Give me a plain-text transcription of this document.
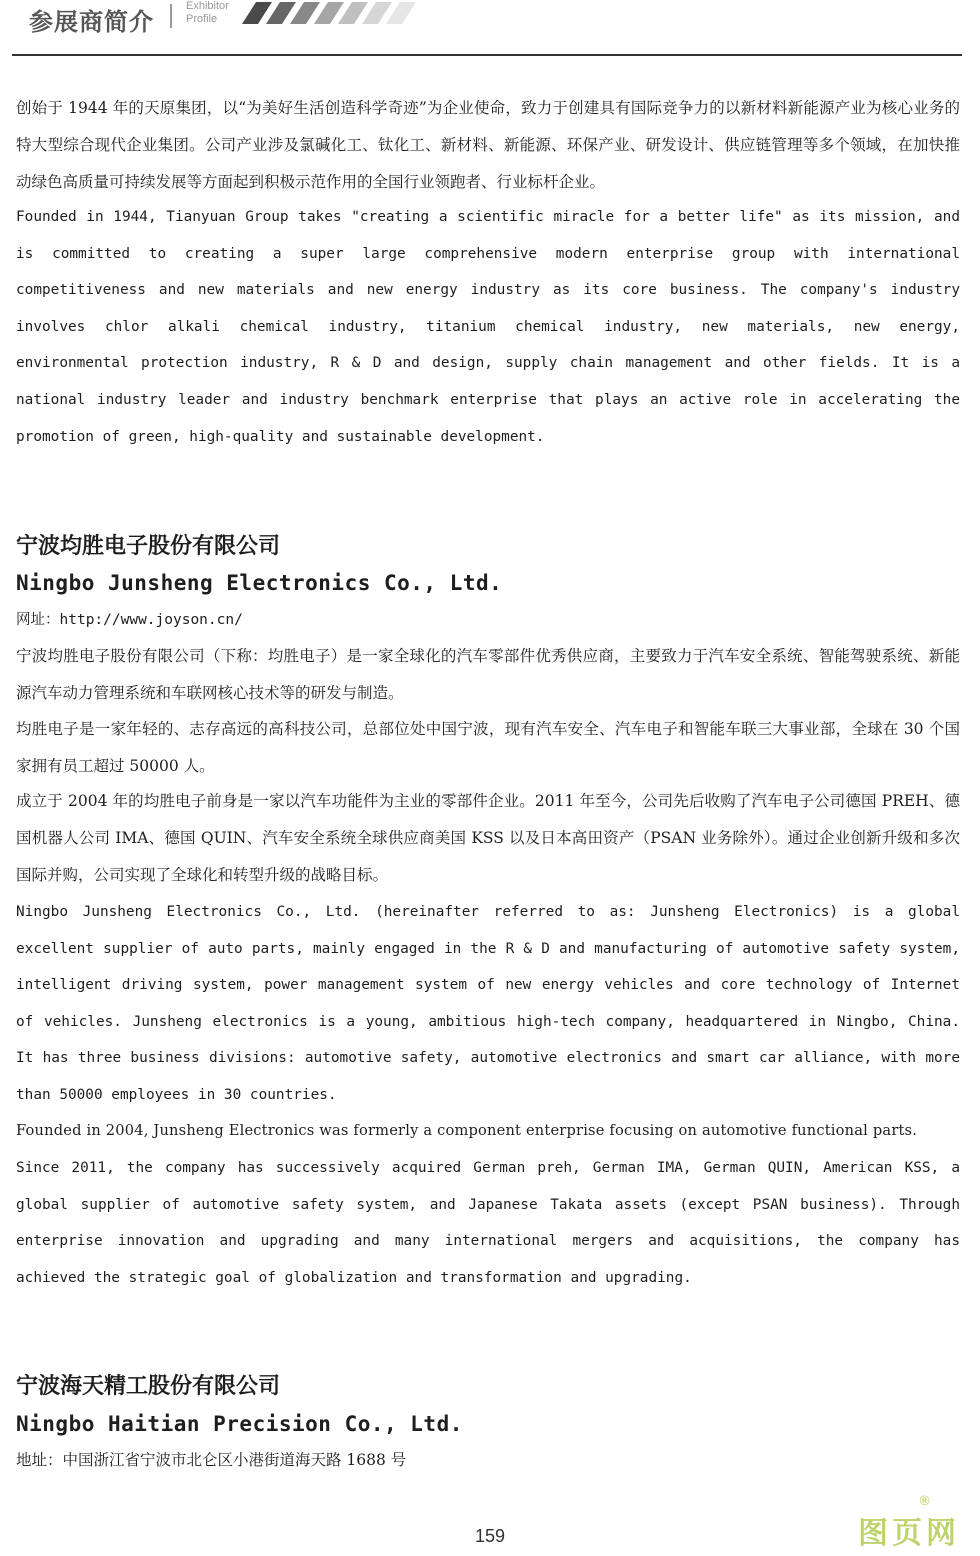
参展商简介
Exhibitor
Profile

创始于 1944 年的天原集团，以“为美好生活创造科学奇迹”为企业使命，致力于创建具有国际竞争力的以新材料新能源产业为核心业务的特大型综合现代企业集团。公司产业涉及氯碱化工、钛化工、新材料、新能源、环保产业、研发设计、供应链管理等多个领域，在加快推动绿色高质量可持续发展等方面起到积极示范作用的全国行业领跑者、行业标杆企业。

Founded in 1944, Tianyuan Group takes "creating a scientific miracle for a better life" as its mission, and is committed to creating a super large comprehensive modern enterprise group with international competitiveness and new materials and new energy industry as its core business. The company's industry involves chlor alkali chemical industry, titanium chemical industry, new materials, new energy, environmental protection industry, R & D and design, supply chain management and other fields. It is a national industry leader and industry benchmark enterprise that plays an active role in accelerating the promotion of green, high-quality and sustainable development.

宁波均胜电子股份有限公司
Ningbo Junsheng Electronics Co., Ltd.

网址：http://www.joyson.cn/

宁波均胜电子股份有限公司（下称：均胜电子）是一家全球化的汽车零部件优秀供应商，主要致力于汽车安全系统、智能驾驶系统、新能源汽车动力管理系统和车联网核心技术等的研发与制造。

均胜电子是一家年轻的、志存高远的高科技公司，总部位处中国宁波，现有汽车安全、汽车电子和智能车联三大事业部，全球在 30 个国家拥有员工超过 50000 人。

成立于 2004 年的均胜电子前身是一家以汽车功能件为主业的零部件企业。2011 年至今，公司先后收购了汽车电子公司德国 PREH、德国机器人公司 IMA、德国 QUIN、汽车安全系统全球供应商美国 KSS 以及日本高田资产（PSAN 业务除外）。通过企业创新升级和多次国际并购，公司实现了全球化和转型升级的战略目标。

Ningbo Junsheng Electronics Co., Ltd. (hereinafter referred to as: Junsheng Electronics) is a global excellent supplier of auto parts, mainly engaged in the R & D and manufacturing of automotive safety system, intelligent driving system, power management system of new energy vehicles and core technology of Internet of vehicles. Junsheng electronics is a young, ambitious high-tech company, headquartered in Ningbo, China. It has three business divisions: automotive safety, automotive electronics and smart car alliance, with more than 50000 employees in 30 countries.

Founded in 2004, Junsheng Electronics was formerly a component enterprise focusing on automotive functional parts.

Since 2011, the company has successively acquired German preh, German IMA, German QUIN, American KSS, a global supplier of automotive safety system, and Japanese Takata assets (except PSAN business). Through enterprise innovation and upgrading and many international mergers and acquisitions, the company has achieved the strategic goal of globalization and transformation and upgrading.

宁波海天精工股份有限公司
Ningbo Haitian Precision Co., Ltd.

地址：中国浙江省宁波市北仑区小港街道海天路 1688 号

159	图页网
®
